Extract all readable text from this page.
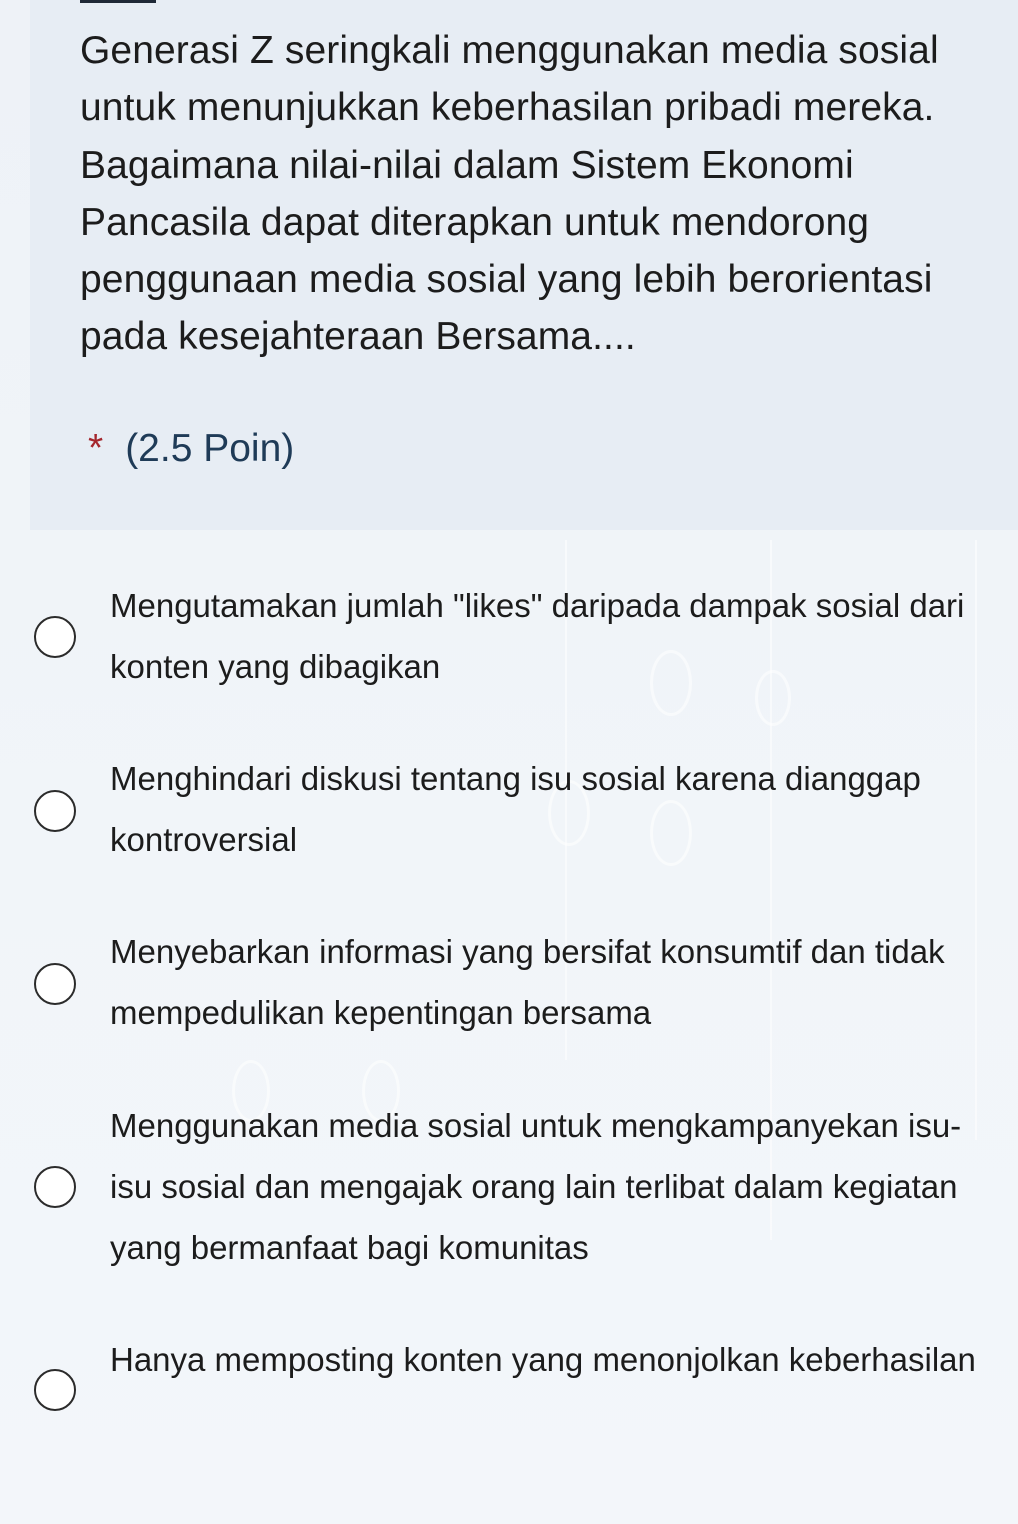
Generasi Z seringkali menggunakan media sosial untuk menunjukkan keberhasilan pribadi mereka. Bagaimana nilai-nilai dalam Sistem Ekonomi Pancasila dapat diterapkan untuk mendorong penggunaan media sosial yang lebih berorientasi pada kesejahteraan Bersama....
* (2.5 Poin)
Mengutamakan jumlah "likes" daripada dampak sosial dari konten yang dibagikan
Menghindari diskusi tentang isu sosial karena dianggap kontroversial
Menyebarkan informasi yang bersifat konsumtif dan tidak mempedulikan kepentingan bersama
Menggunakan media sosial untuk mengkampanyekan isu-isu sosial dan mengajak orang lain terlibat dalam kegiatan yang bermanfaat bagi komunitas
Hanya memposting konten yang menonjolkan keberhasilan
